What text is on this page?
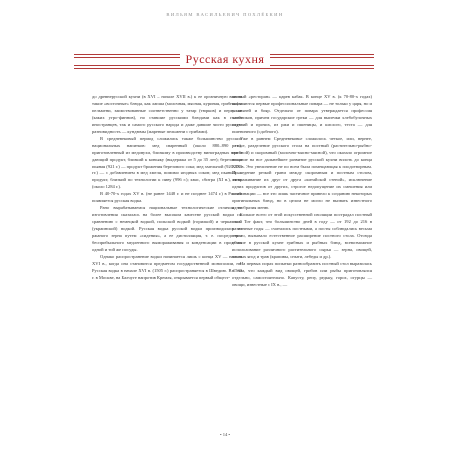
ВИЛЬЯМ ВАСИЛЬЕВИЧ ПОХЛЁБКИН
Русская кухня

до древнерусской кухни (в XVI – начале XVII в.) к ее органичную вошли такие «восточные» блюда, как лапша (молочная, мясная, куриная, грибная) и пельмени, заимствованные соответственно у татар (тюрков) и пермяков (каких угро-финнов), но ставшие русскими блюдами как в глазах иностранцев, так и самого русского народа и даже давшие чисто русскую разновидность — кундюмы (жареные пельмени с грибами).

В средневековый период сложились также большинство русских национальных напитков: мед сваренный (около 880–890 гг.), приготовленный из медовухи, близкому в производству виноградных вин и дающий продукт, близкий к коньяку (выдержка от 5 до 35 лет); березовица пьяная (921 г.) — продукт брожения березового сока; мед хмельной (920–930 гг.) — с добавлением в мед хмеля, помимо ягодных соков; мед пьяный — продукт, близкий по технологии к пиву (996 г.); квас, сбитра (XI в.), пиво (около 1284 г.).

В 40-70-х годах XV в. (не ранее 1448 г. и не позднее 1474 г.) в России появляется русская водка.

Рано вырабатываемся национальные технологические отличия ее изготовления сказалась на более высоком качестве русской водки по сравнению с немецкой водкой, польской водкой (горилкой) и черкасской (украинской) водкой. Русская водка русской водки производилась из ржаного зерна путем «сидения», а ее дистилляция, т. е. посредством бесприбыльного медленного вымораживания и конденсации в проделах одной и той же посуды.

Однако распространение водки начинается лишь с конца XV — начала XVI в., когда она становится предметом государственной монополии, не. Русская водка в начале XVI в. (1505 г.) распространяется в Шведию. В 1533 г. в Москве, на Балчуге напротив Кремля, открывается первый общест-

венный «ресторан» — царев кабак. В конце XV в. (к 70-80-х годах) появляются первые профессиональные повара — не только у царя, но и у князей и бояр. Отдельно от повара утверждается профессия хлебников, причем государские греки — для выпечки хлебобулочных изделий и прочих, из ржи и пшеницы, и кислого, теста — для пшеничного (сдобного).

Уже в раннем Средневековье сложилось четкое, или, вернее, резкое, разделение русского стола на постный (растительно-рыбно-грибной) и скоромный (молочно-мясно-мясной), что оказало огромное влияние на все дальнейшее развитие русской кухни вплоть до конца XIX в. Это увеличение не по всем была помещающая к плодотворным. Проведение резкой грани между скоромным и постным столом, отгораживание их друг от друга «китайской стеной», исключение одних продуктов от других, строгое недопущение их смешения или комбинации — все это лишь частичное привело к созданию некоторых оригинальных блюд, но в целом не могло не вызвать известного однообразия меню.

Больше всего от этой искусственной изоляции пострадал постный стол. Тот факт, что большинство дней в году — от 192 до 216 в различные годы — считались постными, а посты соблюдались весьма строго, вызывало естественное расширение постного стола. Отсюда обилие в русской кухне грибных и рыбных блюд, всевозможное использование различного растительного сырья — зерна, овощей, лесных ягод и трав (крапивы, сныти, лебеды и др.).

На первых порах попытки разнообразить постный стол выразилась в том, что каждый вид овощей, грибов или рыбы приготовлялся отдельно, самостоятельно. Капусту, репу, редьку, горох, огурцы — овощи, известные с IX в., —

• 14 •
